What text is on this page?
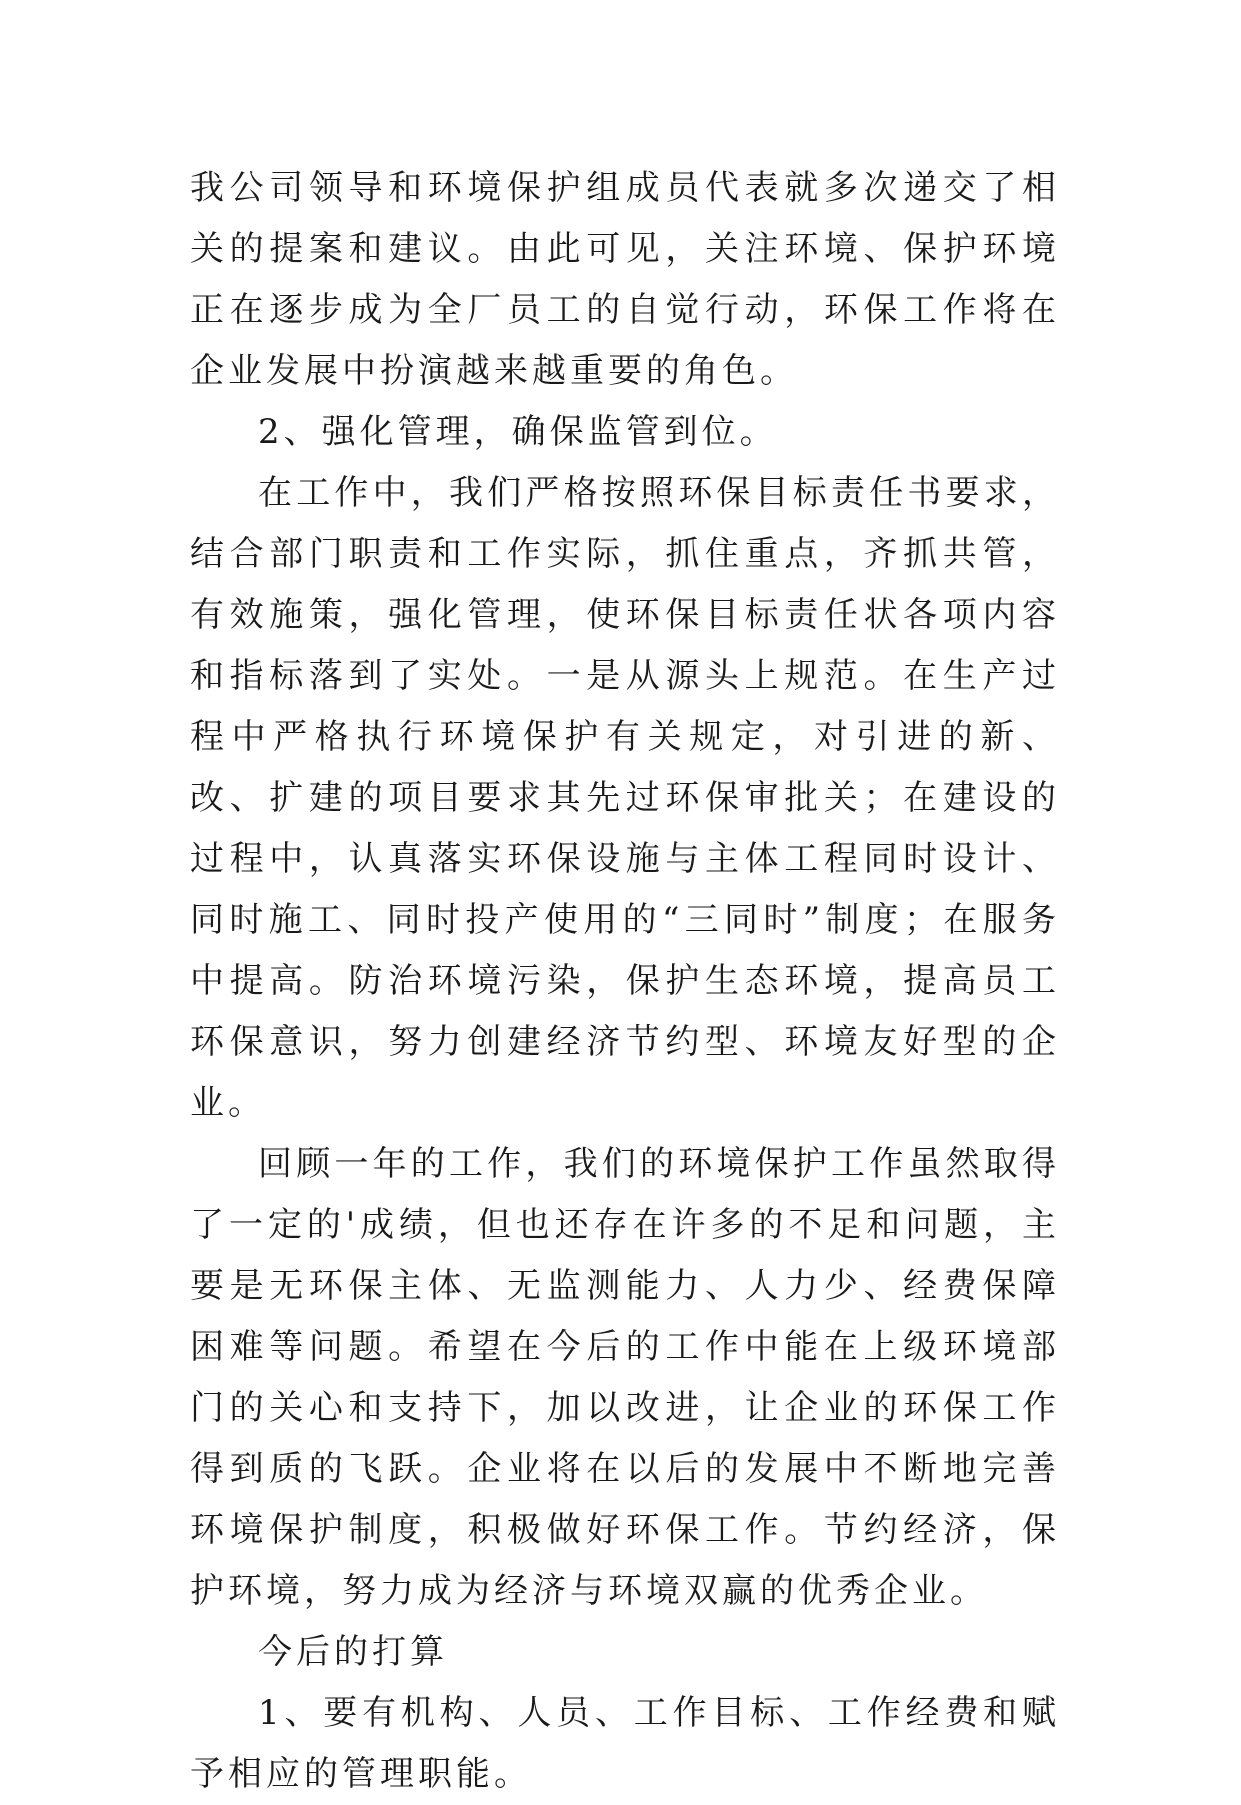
我公司领导和环境保护组成员代表就多次递交了相关的提案和建议。由此可见，关注环境、保护环境正在逐步成为全厂员工的自觉行动，环保工作将在企业发展中扮演越来越重要的角色。

2、强化管理，确保监管到位。

在工作中，我们严格按照环保目标责任书要求，结合部门职责和工作实际，抓住重点，齐抓共管，有效施策，强化管理，使环保目标责任状各项内容和指标落到了实处。一是从源头上规范。在生产过程中严格执行环境保护有关规定，对引进的新、改、扩建的项目要求其先过环保审批关；在建设的过程中，认真落实环保设施与主体工程同时设计、同时施工、同时投产使用的“三同时”制度；在服务中提高。防治环境污染，保护生态环境，提高员工环保意识，努力创建经济节约型、环境友好型的企业。

回顾一年的工作，我们的环境保护工作虽然取得了一定的'成绩，但也还存在许多的不足和问题，主要是无环保主体、无监测能力、人力少、经费保障困难等问题。希望在今后的工作中能在上级环境部门的关心和支持下，加以改进，让企业的环保工作得到质的飞跃。企业将在以后的发展中不断地完善环境保护制度，积极做好环保工作。节约经济，保护环境，努力成为经济与环境双赢的优秀企业。

今后的打算

1、要有机构、人员、工作目标、工作经费和赋予相应的管理职能。
